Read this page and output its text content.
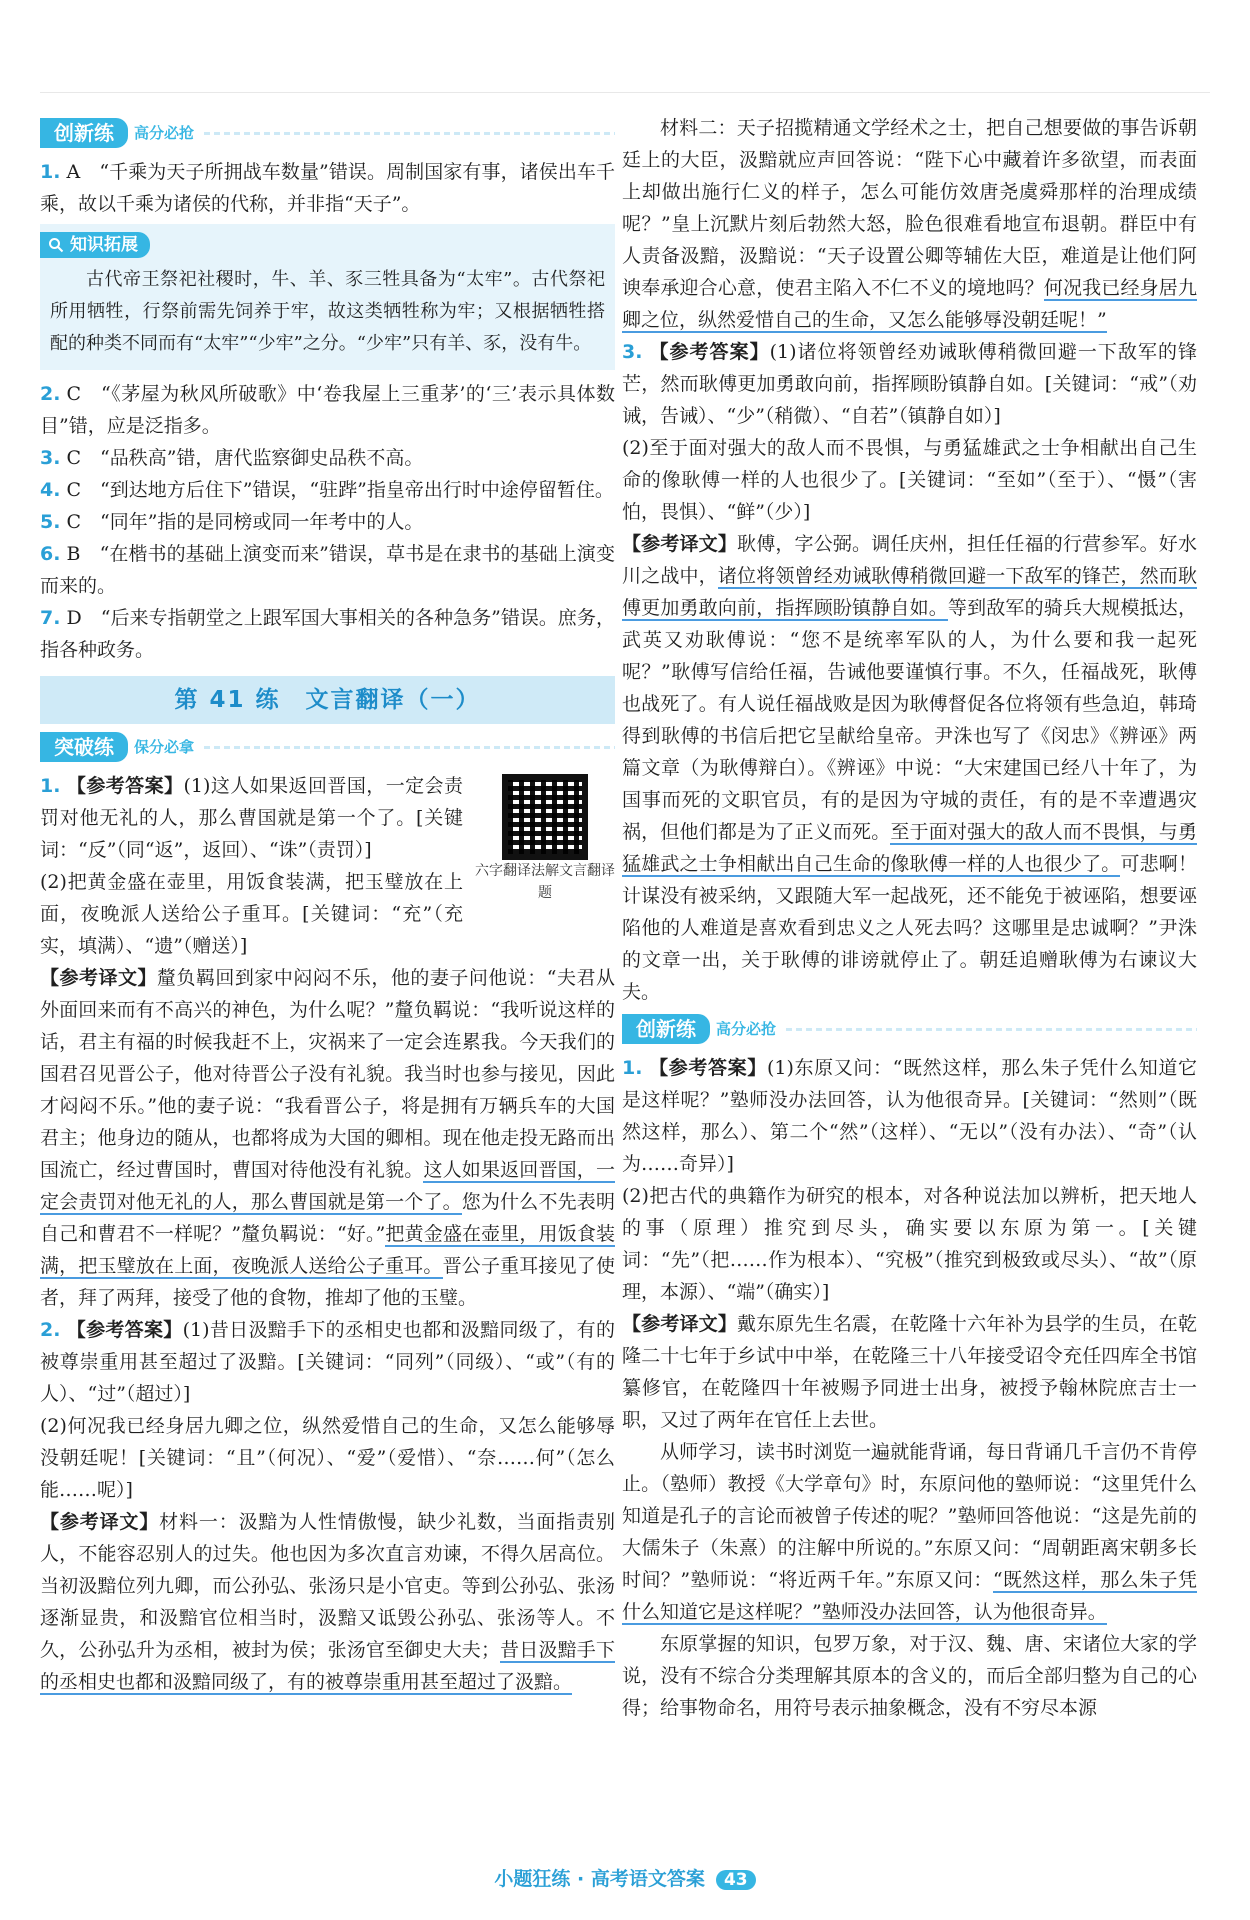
创新练	高分必抢

1. A　“千乘为天子所拥战车数量”错误。周制国家有事，诸侯出车千乘，故以千乘为诸侯的代称，并非指“天子”。

知识拓展

古代帝王祭祀社稷时，牛、羊、豕三牲具备为“太牢”。古代祭祀所用牺牲，行祭前需先饲养于牢，故这类牺牲称为牢；又根据牺牲搭配的种类不同而有“太牢”“少牢”之分。“少牢”只有羊、豕，没有牛。

2. C　“《茅屋为秋风所破歌》中‘卷我屋上三重茅’的‘三’表示具体数目”错，应是泛指多。

3. C　“品秩高”错，唐代监察御史品秩不高。

4. C　“到达地方后住下”错误，“驻跸”指皇帝出行时中途停留暂住。

5. C　“同年”指的是同榜或同一年考中的人。

6. B　“在楷书的基础上演变而来”错误，草书是在隶书的基础上演变而来的。

7. D　“后来专指朝堂之上跟军国大事相关的各种急务”错误。庶务，指各种政务。

第 41 练　文言翻译（一）
突破练	保分必拿
六字翻译法解文言翻译题

1. 【参考答案】(1)这人如果返回晋国，一定会责罚对他无礼的人，那么曹国就是第一个了。[关键词：“反”（同“返”，返回）、“诛”（责罚）]

(2)把黄金盛在壶里，用饭食装满，把玉璧放在上面，夜晚派人送给公子重耳。[关键词：“充”（充实，填满）、“遗”（赠送）]

【参考译文】釐负羁回到家中闷闷不乐，他的妻子问他说：“夫君从外面回来而有不高兴的神色，为什么呢？”釐负羁说：“我听说这样的话，君主有福的时候我赶不上，灾祸来了一定会连累我。今天我们的国君召见晋公子，他对待晋公子没有礼貌。我当时也参与接见，因此才闷闷不乐。”他的妻子说：“我看晋公子，将是拥有万辆兵车的大国君主；他身边的随从，也都将成为大国的卿相。现在他走投无路而出国流亡，经过曹国时，曹国对待他没有礼貌。这人如果返回晋国，一定会责罚对他无礼的人，那么曹国就是第一个了。您为什么不先表明自己和曹君不一样呢？”釐负羁说：“好。”把黄金盛在壶里，用饭食装满，把玉璧放在上面，夜晚派人送给公子重耳。晋公子重耳接见了使者，拜了两拜，接受了他的食物，推却了他的玉璧。

2. 【参考答案】(1)昔日汲黯手下的丞相史也都和汲黯同级了，有的被尊崇重用甚至超过了汲黯。[关键词：“同列”（同级）、“或”（有的人）、“过”（超过）]

(2)何况我已经身居九卿之位，纵然爱惜自己的生命，又怎么能够辱没朝廷呢！[关键词：“且”（何况）、“爱”（爱惜）、“奈……何”（怎么能……呢）]

【参考译文】材料一：汲黯为人性情傲慢，缺少礼数，当面指责别人，不能容忍别人的过失。他也因为多次直言劝谏，不得久居高位。当初汲黯位列九卿，而公孙弘、张汤只是小官吏。等到公孙弘、张汤逐渐显贵，和汲黯官位相当时，汲黯又诋毁公孙弘、张汤等人。不久，公孙弘升为丞相，被封为侯；张汤官至御史大夫；昔日汲黯手下的丞相史也都和汲黯同级了，有的被尊崇重用甚至超过了汲黯。

材料二：天子招揽精通文学经术之士，把自己想要做的事告诉朝廷上的大臣，汲黯就应声回答说：“陛下心中藏着许多欲望，而表面上却做出施行仁义的样子，怎么可能仿效唐尧虞舜那样的治理成绩呢？”皇上沉默片刻后勃然大怒，脸色很难看地宣布退朝。群臣中有人责备汲黯，汲黯说：“天子设置公卿等辅佐大臣，难道是让他们阿谀奉承迎合心意，使君主陷入不仁不义的境地吗？何况我已经身居九卿之位，纵然爱惜自己的生命，又怎么能够辱没朝廷呢！”

3. 【参考答案】(1)诸位将领曾经劝诫耿傅稍微回避一下敌军的锋芒，然而耿傅更加勇敢向前，指挥顾盼镇静自如。[关键词：“戒”（劝诫，告诫）、“少”（稍微）、“自若”（镇静自如）]

(2)至于面对强大的敌人而不畏惧，与勇猛雄武之士争相献出自己生命的像耿傅一样的人也很少了。[关键词：“至如”（至于）、“慑”（害怕，畏惧）、“鲜”（少）]

【参考译文】耿傅，字公弼。调任庆州，担任任福的行营参军。好水川之战中，诸位将领曾经劝诫耿傅稍微回避一下敌军的锋芒，然而耿傅更加勇敢向前，指挥顾盼镇静自如。等到敌军的骑兵大规模抵达，武英又劝耿傅说：“您不是统率军队的人，为什么要和我一起死呢？”耿傅写信给任福，告诫他要谨慎行事。不久，任福战死，耿傅也战死了。有人说任福战败是因为耿傅督促各位将领有些急迫，韩琦得到耿傅的书信后把它呈献给皇帝。尹洙也写了《闵忠》《辨诬》两篇文章（为耿傅辩白）。《辨诬》中说：“大宋建国已经八十年了，为国事而死的文职官员，有的是因为守城的责任，有的是不幸遭遇灾祸，但他们都是为了正义而死。至于面对强大的敌人而不畏惧，与勇猛雄武之士争相献出自己生命的像耿傅一样的人也很少了。可悲啊！计谋没有被采纳，又跟随大军一起战死，还不能免于被诬陷，想要诬陷他的人难道是喜欢看到忠义之人死去吗？这哪里是忠诚啊？”尹洙的文章一出，关于耿傅的诽谤就停止了。朝廷追赠耿傅为右谏议大夫。

创新练	高分必抢

1. 【参考答案】(1)东原又问：“既然这样，那么朱子凭什么知道它是这样呢？”塾师没办法回答，认为他很奇异。[关键词：“然则”（既然这样，那么）、第二个“然”（这样）、“无以”（没有办法）、“奇”（认为……奇异）]

(2)把古代的典籍作为研究的根本，对各种说法加以辨析，把天地人的事（原理）推究到尽头，确实要以东原为第一。[关键词：“先”（把……作为根本）、“究极”（推究到极致或尽头）、“故”（原理，本源）、“端”（确实）]

【参考译文】戴东原先生名震，在乾隆十六年补为县学的生员，在乾隆二十七年于乡试中中举，在乾隆三十八年接受诏令充任四库全书馆纂修官，在乾隆四十年被赐予同进士出身，被授予翰林院庶吉士一职，又过了两年在官任上去世。

从师学习，读书时浏览一遍就能背诵，每日背诵几千言仍不肯停止。（塾师）教授《大学章句》时，东原问他的塾师说：“这里凭什么知道是孔子的言论而被曾子传述的呢？”塾师回答他说：“这是先前的大儒朱子（朱熹）的注解中所说的。”东原又问：“周朝距离宋朝多长时间？”塾师说：“将近两千年。”东原又问：“既然这样，那么朱子凭什么知道它是这样呢？”塾师没办法回答，认为他很奇异。

东原掌握的知识，包罗万象，对于汉、魏、唐、宋诸位大家的学说，没有不综合分类理解其原本的含义的，而后全部归整为自己的心得；给事物命名，用符号表示抽象概念，没有不穷尽本源

小题狂练 · 高考语文答案 43
